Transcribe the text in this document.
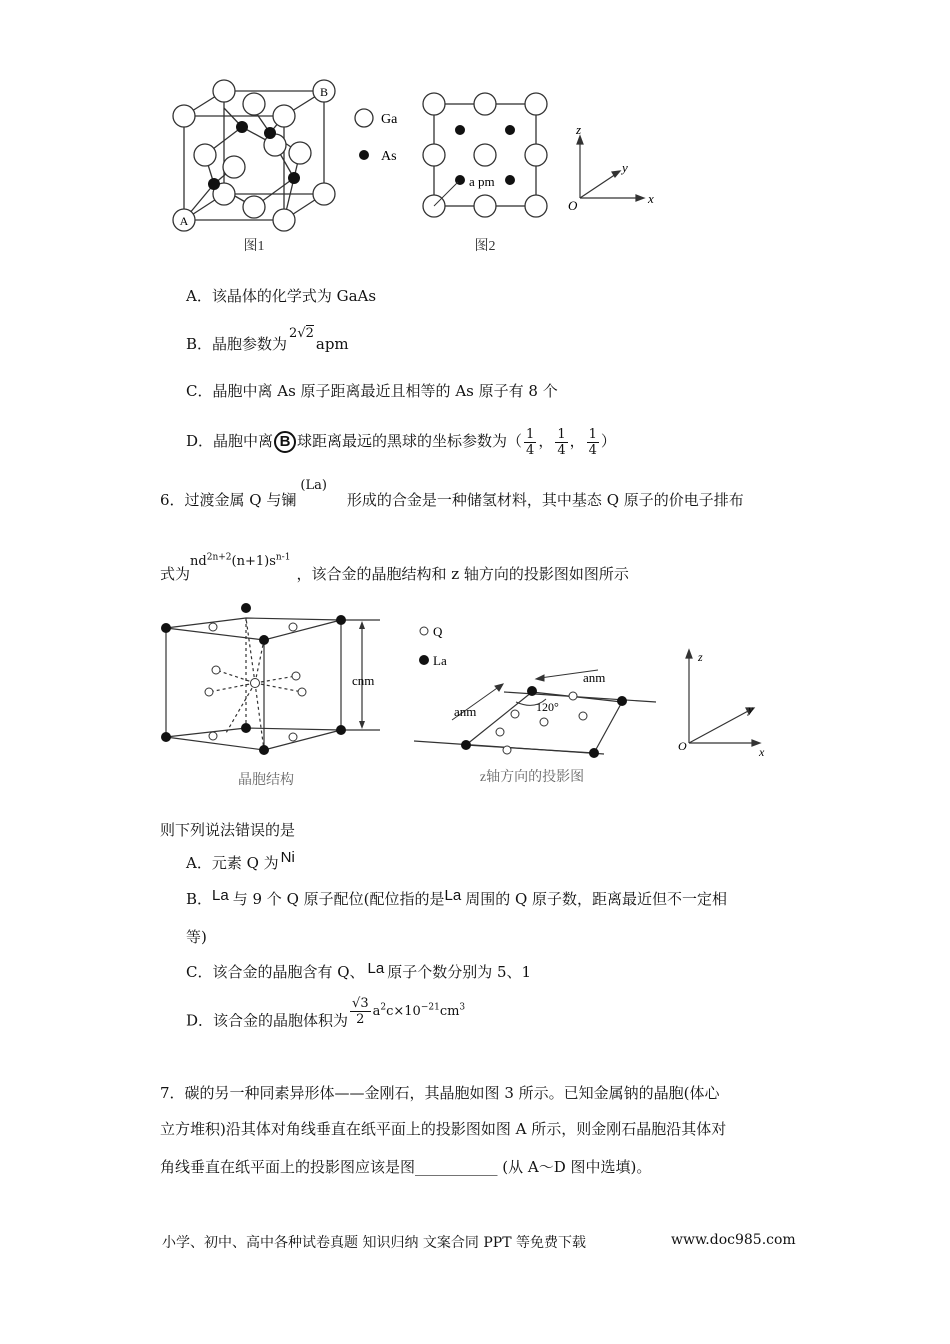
A
B
Ga
As
a pm
z
y
x
O
图1	图2
A．该晶体的化学式为 GaAs
B．晶胞参数为2√2apm
C．晶胞中离 As 原子距离最近且相等的 As 原子有 8 个
D．晶胞中离 B 球距离最远的黑球的坐标参数为（ $\frac{1}{4}$ ， $\frac{1}{4}$ ， $\frac{1}{4}$ ）
6．过渡金属 Q 与镧(La)形成的合金是一种储氢材料，其中基态 Q 原子的价电子排布
式为$nd^{2n+2}(n+1)s^{n-1}$，该合金的晶胞结构和 z 轴方向的投影图如图所示
cnm
Q
La
anm
anm	120°
z
y
x
O
晶胞结构	z轴方向的投影图
则下列说法错误的是
A．元素 Q 为 Ni
B．La 与 9 个 Q 原子配位(配位指的是La 周围的 Q 原子数，距离最近但不一定相
等)
C．该合金的晶胞含有 Q、 La 原子个数分别为 5、1
D．该合金的晶胞体积为 $\frac{√3}{2} a^2c\times 10^{-21}cm^3$
7．碳的另一种同素异形体——金刚石，其晶胞如图 3 所示。已知金属钠的晶胞(体心
立方堆积)沿其体对角线垂直在纸平面上的投影图如图 A 所示，则金刚石晶胞沿其体对
角线垂直在纸平面上的投影图应该是图___________ (从 A～D 图中选填)。
小学、初中、高中各种试卷真题 知识归纳 文案合同 PPT 等免费下载	www.doc985.com
